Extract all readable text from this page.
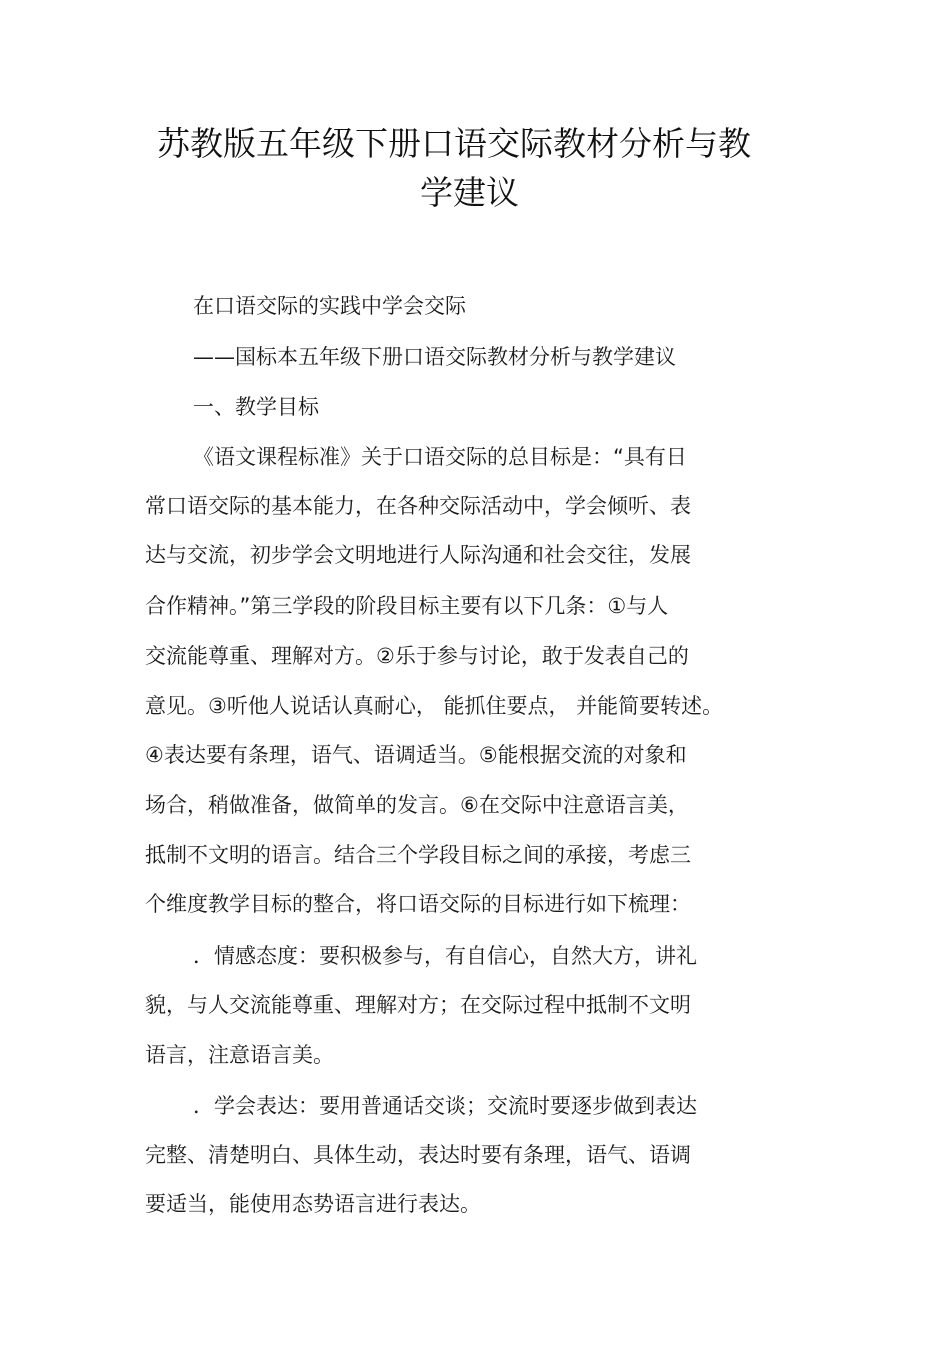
苏教版五年级下册口语交际教材分析与教
学建议
在口语交际的实践中学会交际
——国标本五年级下册口语交际教材分析与教学建议
一、教学目标
《语文课程标准》关于口语交际的总目标是：“具有日
常口语交际的基本能力，在各种交际活动中，学会倾听、表
达与交流，初步学会文明地进行人际沟通和社会交往，发展
合作精神。”第三学段的阶段目标主要有以下几条：①与人
交流能尊重、理解对方。②乐于参与讨论，敢于发表自己的
意见。③听他人说话认真耐心， 能抓住要点， 并能简要转述。
④表达要有条理，语气、语调适当。⑤能根据交流的对象和
场合，稍做准备，做简单的发言。⑥在交际中注意语言美，
抵制不文明的语言。结合三个学段目标之间的承接，考虑三
个维度教学目标的整合，将口语交际的目标进行如下梳理：
．情感态度：要积极参与，有自信心，自然大方，讲礼
貌，与人交流能尊重、理解对方；在交际过程中抵制不文明
语言，注意语言美。
．学会表达：要用普通话交谈；交流时要逐步做到表达
完整、清楚明白、具体生动，表达时要有条理，语气、语调
要适当，能使用态势语言进行表达。
